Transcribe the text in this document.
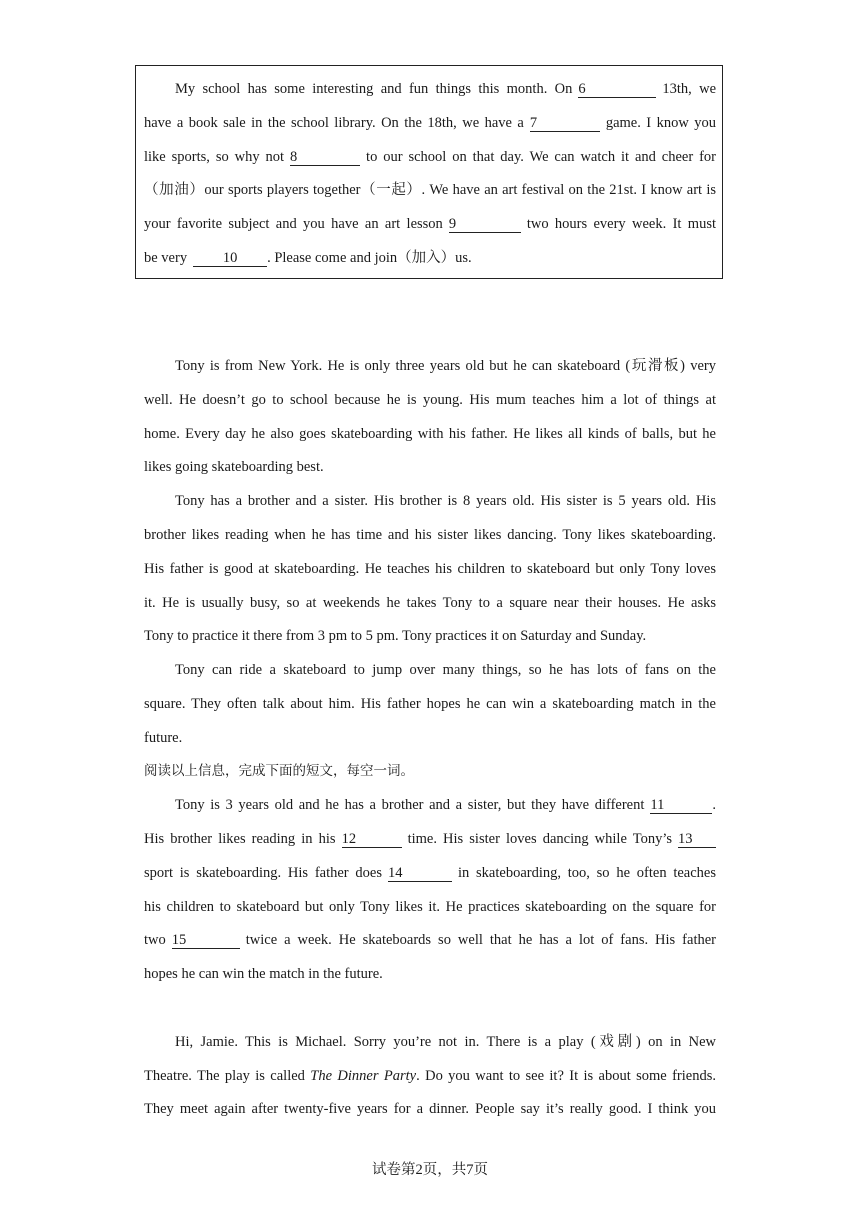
My school has some interesting and fun things this month. On 6	13th, we
have a book sale in the school library. On the 18th, we have a 7	game. I know you
like sports, so why not 8	to our school on that day. We can watch it and cheer for
（加油）our sports players together（一起）. We have an art festival on the 21st. I know art is
your favorite subject and you have an art lesson 9	two hours every week. It must
be very 10 . Please come and join（加入）us.
Tony is from New York. He is only three years old but he can skateboard (玩滑板) very
well. He doesn’t go to school because he is young. His mum teaches him a lot of things at
home. Every day he also goes skateboarding with his father. He likes all kinds of balls, but he
likes going skateboarding best.
Tony has a brother and a sister. His brother is 8 years old. His sister is 5 years old. His
brother likes reading when he has time and his sister likes dancing. Tony likes skateboarding.
His father is good at skateboarding. He teaches his children to skateboard but only Tony loves
it. He is usually busy, so at weekends he takes Tony to a square near their houses. He asks
Tony to practice it there from 3 pm to 5 pm. Tony practices it on Saturday and Sunday.
Tony can ride a skateboard to jump over many things, so he has lots of fans on the
square. They often talk about him. His father hopes he can win a skateboarding match in the
future.
阅读以上信息，完成下面的短文，每空一词。
Tony is 3 years old and he has a brother and a sister, but they have different 11	.
His brother likes reading in his 12	time. His sister loves dancing while Tony’s 13
sport is skateboarding. His father does 14	in skateboarding, too, so he often teaches
his children to skateboard but only Tony likes it. He practices skateboarding on the square for
two 15	twice a week. He skateboards so well that he has a lot of fans. His father
hopes he can win the match in the future.
Hi, Jamie. This is Michael. Sorry you’re not in. There is a play (戏剧) on in New
Theatre. The play is called The Dinner Party. Do you want to see it? It is about some friends.
They meet again after twenty-five years for a dinner. People say it’s really good. I think you
试卷第2页，共7页
